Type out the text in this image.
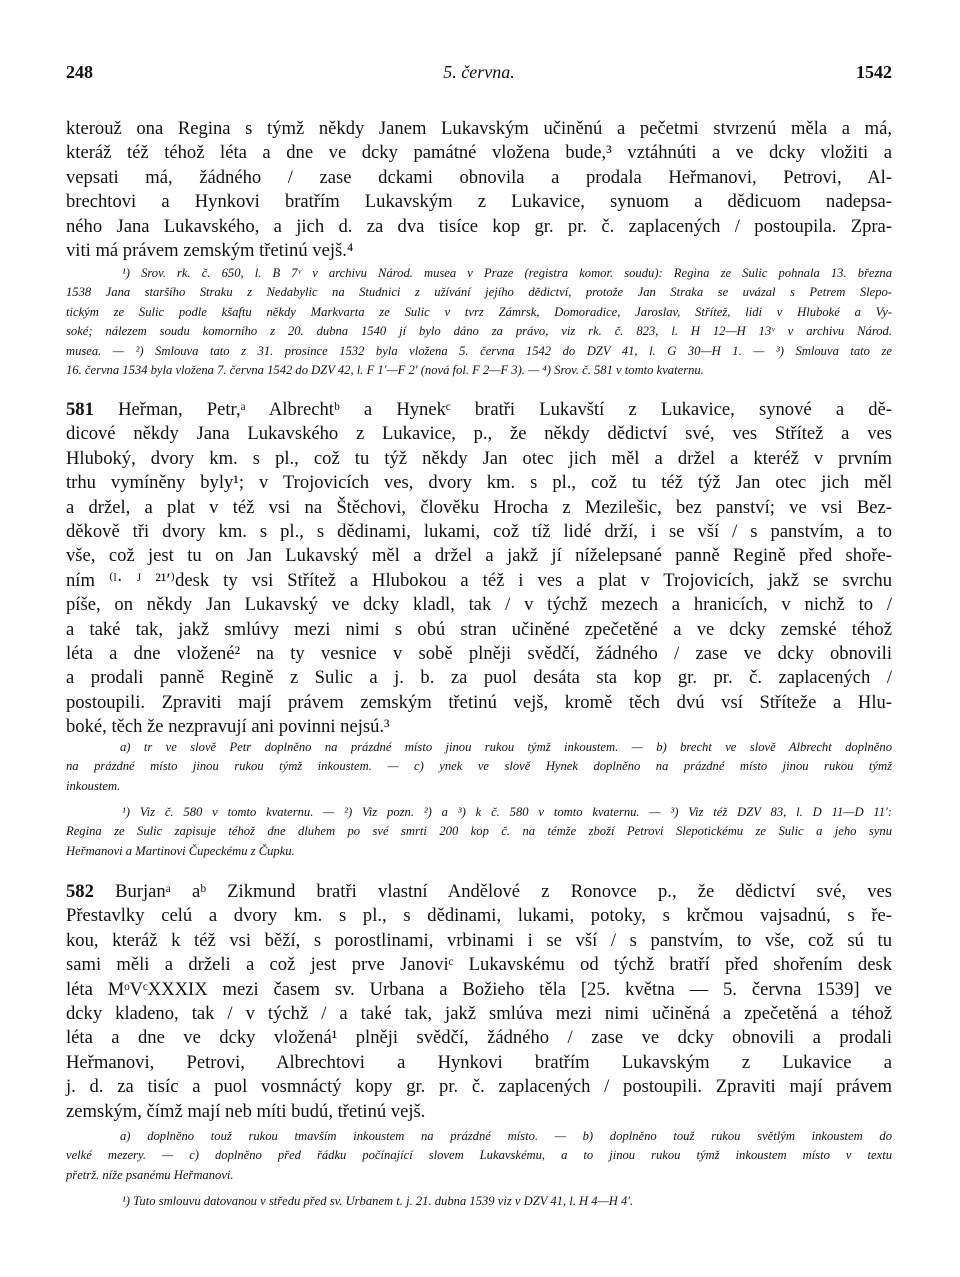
248	5. června.	1542
kterouž ona Regina s týmž někdy Janem Lukavským učiněnú a pečetmi stvrzenú měla a má,
kteráž též téhož léta a dne ve dcky památné vložena bude,³ vztáhnúti a ve dcky vložiti a
vepsati má, žádného / zase dckami obnovila a prodala Heřmanovi, Petrovi, Al-
brechtovi a Hynkovi bratřím Lukavským z Lukavice, synuom a dědicuom nadepsa-
ného Jana Lukavského, a jich d. za dva tisíce kop gr. pr. č. zaplacených / postoupila. Zpra-
viti má právem zemským třetinú vejš.⁴
¹) Srov. rk. č. 650, l. B 7ᵛ v archivu Národ. musea v Praze (registra komor. soudu): Regina ze Sulic pohnala 13. března
1538 Jana staršího Straku z Nedabylic na Studnici z užívání jejího dědictví, protože Jan Straka se uvázal s Petrem Slepo-
tickým ze Sulic podle kšaftu někdy Markvarta ze Sulic v tvrz Zámrsk, Domoradice, Jaroslav, Střítež, lidi v Hluboké a Vy-
soké; nálezem soudu komorního z 20. dubna 1540 jí bylo dáno za právo, viz rk. č. 823, l. H 12—H 13ᵛ v archivu Národ.
musea. — ²) Smlouva tato z 31. prosince 1532 byla vložena 5. června 1542 do DZV 41, l. G 30—H 1. — ³) Smlouva tato ze
16. června 1534 byla vložena 7. června 1542 do DZV 42, l. F 1′—F 2′ (nová fol. F 2—F 3). — ⁴) Srov. č. 581 v tomto kvaternu.
581 Heřman, Petr,ᵃ Albrechtᵇ a Hynekᶜ bratři Lukavští z Lukavice, synové a dě-
dicové někdy Jana Lukavského z Lukavice, p., že někdy dědictví své, ves Střítež a ves
Hluboký, dvory km. s pl., což tu týž někdy Jan otec jich měl a držel a kteréž v prvním
trhu vymíněny byly¹; v Trojovicích ves, dvory km. s pl., což tu též týž Jan otec jich měl
a držel, a plat v též vsi na Štěchovi, člověku Hrocha z Mezilešic, bez panství; ve vsi Bez-
děkově tři dvory km. s pl., s dědinami, lukami, což tíž lidé drží, i se vší / s panstvím, a to
vše, což jest tu on Jan Lukavský měl a držel a jakž jí níželepsané panně Regině před shoře-
ním ⁽ˡ· ᴶ ²¹′⁾desk ty vsi Střítež a Hlubokou a též i ves a plat v Trojovicích, jakž se svrchu
píše, on někdy Jan Lukavský ve dcky kladl, tak / v týchž mezech a hranicích, v nichž to /
a také tak, jakž smlúvy mezi nimi s obú stran učiněné zpečetěné a ve dcky zemské téhož
léta a dne vložené² na ty vesnice v sobě plněji svědčí, žádného / zase ve dcky obnovili
a prodali panně Regině z Sulic a j. b. za puol desáta sta kop gr. pr. č. zaplacených /
postoupili. Zpraviti mají právem zemským třetinú vejš, kromě těch dvú vsí Střítеže a Hlu-
boké, těch že nezpravují ani povinni nejsú.³
a) tr ve slově Petr doplněno na prázdné místo jinou rukou týmž inkoustem. — b) brecht ve slově Albrecht doplněno
na prázdné místo jinou rukou týmž inkoustem. — c) ynek ve slově Hynek doplněno na prázdné místo jinou rukou týmž
inkoustem.
¹) Viz č. 580 v tomto kvaternu. — ²) Viz pozn. ²) a ³) k č. 580 v tomto kvaternu. — ³) Viz též DZV 83, l. D 11—D 11′:
Regina ze Sulic zapisuje téhož dne dluhem po své smrti 200 kop č. na témže zboží Petrovi Slepotickému ze Sulic a jeho synu
Heřmanovi a Martinovi Čupeckému z Čupku.
582 Burjanᵃ aᵇ Zikmund bratři vlastní Andělové z Ronovce p., že dědictví své, ves
Přestavlky celú a dvory km. s pl., s dědinami, lukami, potoky, s krčmou vajsadnú, s ře-
kou, kteráž k též vsi běží, s porostlinami, vrbinami i se vší / s panstvím, to vše, což sú tu
sami měli a drželi a což jest prve Janoviᶜ Lukavskému od týchž bratří před shořením desk
léta MᵒVᶜXXXIX mezi časem sv. Urbana a Božieho těla [25. května — 5. června 1539] ve
dcky kladeno, tak / v týchž / a také tak, jakž smlúva mezi nimi učiněná a zpečetěná a téhož
léta a dne ve dcky vložená¹ plněji svědčí, žádného / zase ve dcky obnovili a prodali
Heřmanovi, Petrovi, Albrechtovi a Hynkovi bratřím Lukavským z Lukavice a
j. d. za tisíc a puol vosmnáctý kopy gr. pr. č. zaplacených / postoupili. Zpraviti mají právem
zemským, čímž mají neb míti budú, třetinú vejš.
a) doplněno touž rukou tmavším inkoustem na prázdné místo. — b) doplněno touž rukou světlým inkoustem do
velké mezery. — c) doplněno před řádku počínající slovem Lukavskému, a to jinou rukou týmž inkoustem místo v textu
přetrž. níže psanému Heřmanovi.
¹) Tuto smlouvu datovanou v středu před sv. Urbanem t. j. 21. dubna 1539 viz v DZV 41, l. H 4—H 4′.
